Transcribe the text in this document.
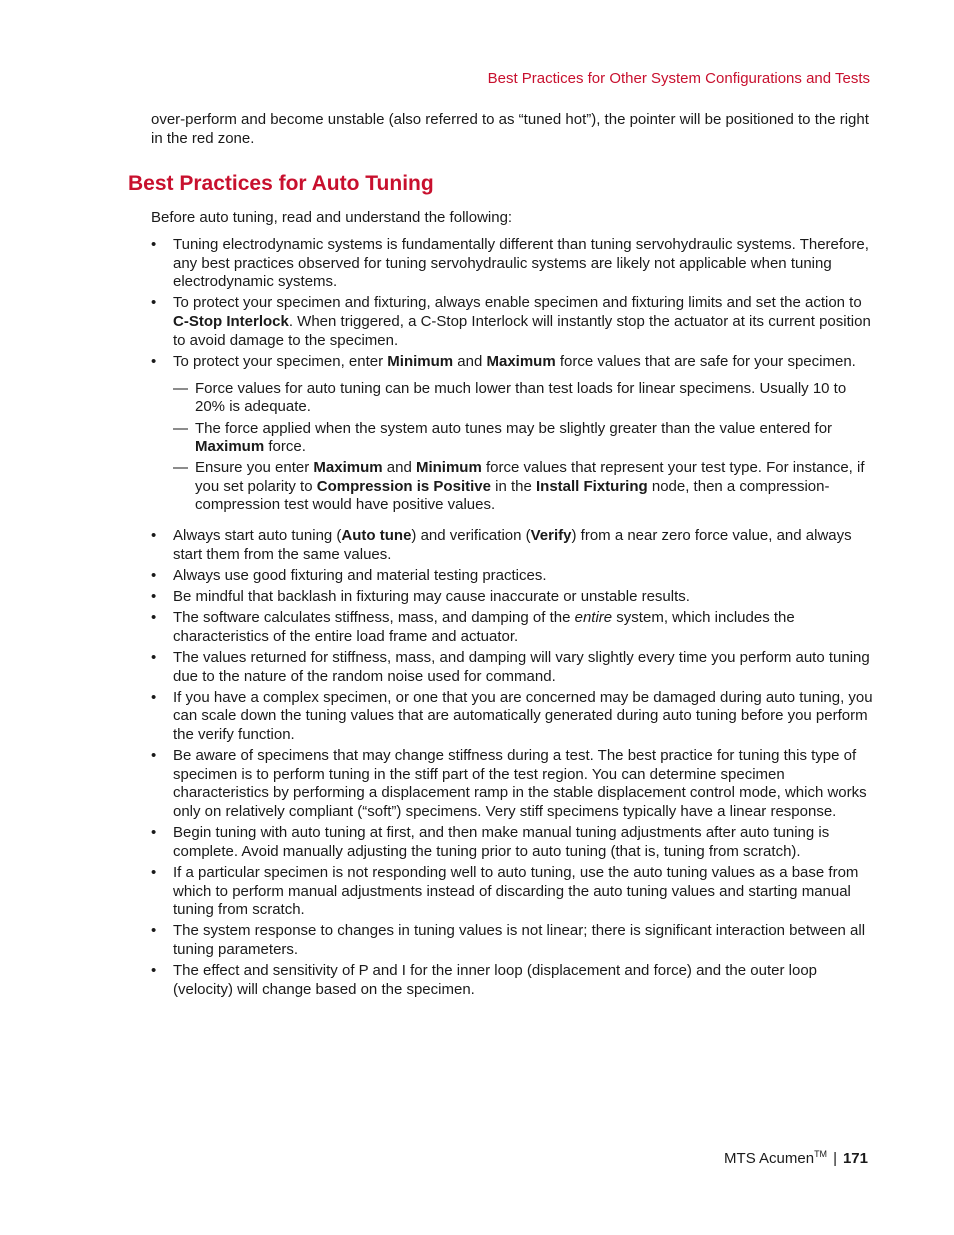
Best Practices for Other System Configurations and Tests

over-perform and become unstable (also referred to as “tuned hot”), the pointer will be positioned to the right in the red zone.

Best Practices for Auto Tuning

Before auto tuning, read and understand the following:

• Tuning electrodynamic systems is fundamentally different than tuning servohydraulic systems. Therefore, any best practices observed for tuning servohydraulic systems are likely not applicable when tuning electrodynamic systems.
• To protect your specimen and fixturing, always enable specimen and fixturing limits and set the action to C-Stop Interlock. When triggered, a C-Stop Interlock will instantly stop the actuator at its current position to avoid damage to the specimen.
• To protect your specimen, enter Minimum and Maximum force values that are safe for your specimen.
— Force values for auto tuning can be much lower than test loads for linear specimens. Usually 10 to 20% is adequate.
— The force applied when the system auto tunes may be slightly greater than the value entered for Maximum force.
— Ensure you enter Maximum and Minimum force values that represent your test type. For instance, if you set polarity to Compression is Positive in the Install Fixturing node, then a compression-compression test would have positive values.
• Always start auto tuning (Auto tune) and verification (Verify) from a near zero force value, and always start them from the same values.
• Always use good fixturing and material testing practices.
• Be mindful that backlash in fixturing may cause inaccurate or unstable results.
• The software calculates stiffness, mass, and damping of the entire system, which includes the characteristics of the entire load frame and actuator.
• The values returned for stiffness, mass, and damping will vary slightly every time you perform auto tuning due to the nature of the random noise used for command.
• If you have a complex specimen, or one that you are concerned may be damaged during auto tuning, you can scale down the tuning values that are automatically generated during auto tuning before you perform the verify function.
• Be aware of specimens that may change stiffness during a test. The best practice for tuning this type of specimen is to perform tuning in the stiff part of the test region. You can determine specimen characteristics by performing a displacement ramp in the stable displacement control mode, which works only on relatively compliant (“soft”) specimens. Very stiff specimens typically have a linear response.
• Begin tuning with auto tuning at first, and then make manual tuning adjustments after auto tuning is complete. Avoid manually adjusting the tuning prior to auto tuning (that is, tuning from scratch).
• If a particular specimen is not responding well to auto tuning, use the auto tuning values as a base from which to perform manual adjustments instead of discarding the auto tuning values and starting manual tuning from scratch.
• The system response to changes in tuning values is not linear; there is significant interaction between all tuning parameters.
• The effect and sensitivity of P and I for the inner loop (displacement and force) and the outer loop (velocity) will change based on the specimen.
MTS Acumen™ | 171
